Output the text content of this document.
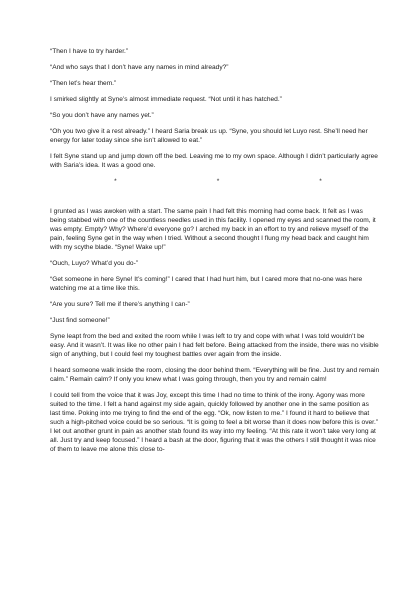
“Then I have to try harder.”

“And who says that I don’t have any names in mind already?”

“Then let’s hear them.”

I smirked slightly at Syne’s almost immediate request. “Not until it has hatched.”

“So you don’t have any names yet.”

“Oh you two give it a rest already.” I heard Saria break us up. “Syne, you should let Luyo rest. She’ll need her energy for later today since she isn’t allowed to eat.”

I felt Syne stand up and jump down off the bed. Leaving me to my own space. Although I didn’t particularly agree with Saria’s idea. It was a good one.

*	*	*

I grunted as I was awoken with a start. The same pain I had felt this morning had come back. It felt as I was being stabbed with one of the countless needles used in this facility. I opened my eyes and scanned the room, it was empty. Empty? Why? Where’d everyone go? I arched my back in an effort to try and relieve myself of the pain, feeling Syne get in the way when I tried. Without a second thought I flung my head back and caught him with my scythe blade. “Syne! Wake up!”

“Ouch, Luyo? What’d you do-”

“Get someone in here Syne! It’s coming!” I cared that I had hurt him, but I cared more that no-one was here watching me at a time like this.

“Are you sure? Tell me if there’s anything I can-”

“Just find someone!”

Syne leapt from the bed and exited the room while I was left to try and cope with what I was told wouldn’t be easy. And it wasn’t. It was like no other pain I had felt before. Being attacked from the inside, there was no visible sign of anything, but I could feel my toughest battles over again from the inside.

I heard someone walk inside the room, closing the door behind them. “Everything will be fine. Just try and remain calm.” Remain calm? If only you knew what I was going through, then you try and remain calm!

I could tell from the voice that it was Joy, except this time I had no time to think of the irony. Agony was more suited to the time. I felt a hand against my side again, quickly followed by another one in the same position as last time. Poking into me trying to find the end of the egg. “Ok, now listen to me.” I found it hard to believe that such a high-pitched voice could be so serious. “It is going to feel a bit worse than it does now before this is over.” I let out another grunt in pain as another stab found its way into my feeling. “At this rate it won’t take very long at all. Just try and keep focused.” I heard a bash at the door, figuring that it was the others I still thought it was nice of them to leave me alone this close to-
